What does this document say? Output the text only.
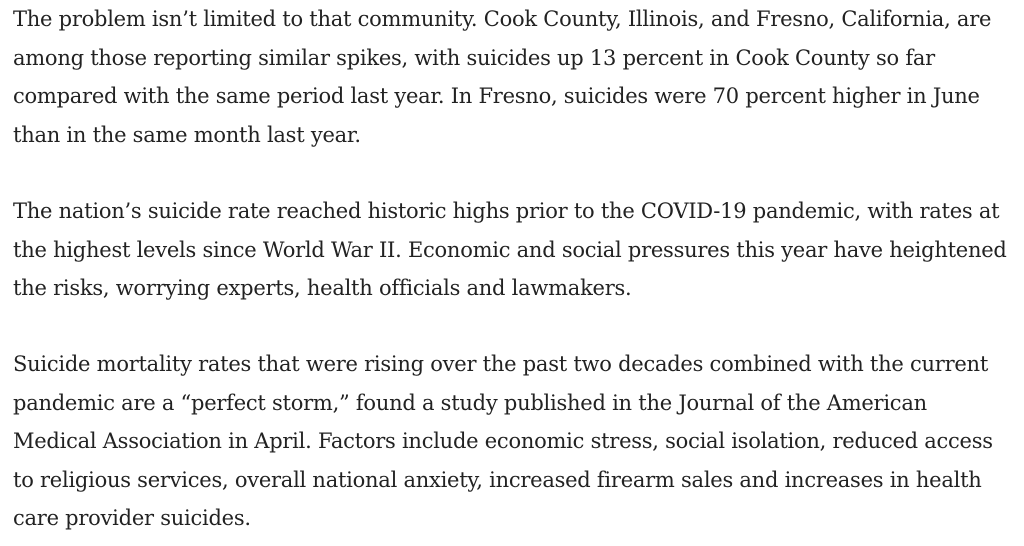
The problem isn’t limited to that community. Cook County, Illinois, and Fresno, California, are
among those reporting similar spikes, with suicides up 13 percent in Cook County so far
compared with the same period last year. In Fresno, suicides were 70 percent higher in June
than in the same month last year.

The nation’s suicide rate reached historic highs prior to the COVID-19 pandemic, with rates at
the highest levels since World War II. Economic and social pressures this year have heightened
the risks, worrying experts, health officials and lawmakers.

Suicide mortality rates that were rising over the past two decades combined with the current
pandemic are a “perfect storm,” found a study published in the Journal of the American
Medical Association in April. Factors include economic stress, social isolation, reduced access
to religious services, overall national anxiety, increased firearm sales and increases in health
care provider suicides.
